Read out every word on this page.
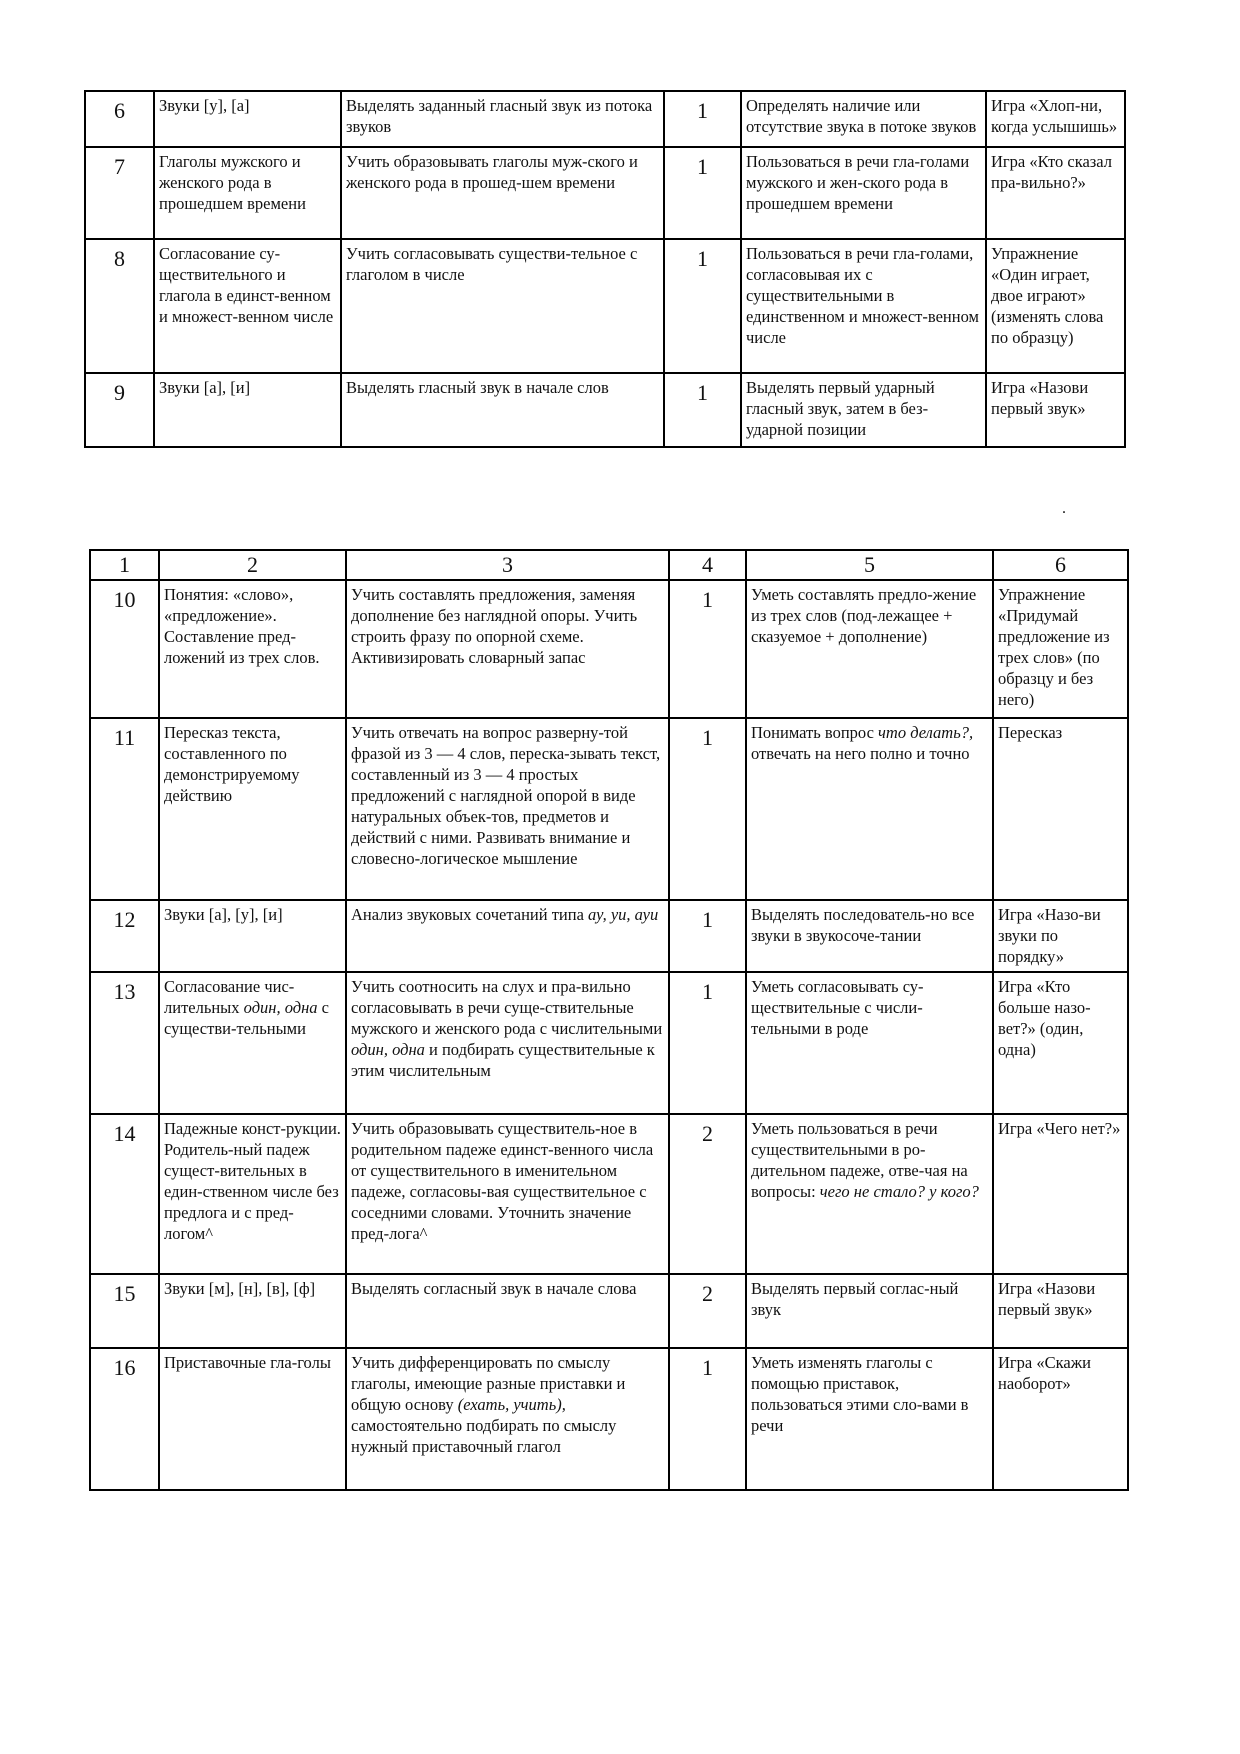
6	Звуки [у], [а]	Выделять заданный гласный звук из потока звуков	1	Определять наличие или отсутствие звука в потоке звуков	Игра «Хлоп-ни, когда услышишь»
7	Глаголы мужского и женского рода в прошедшем времени	Учить образовывать глаголы муж-ского и женского рода в прошед-шем времени	1	Пользоваться в речи гла-голами мужского и жен-ского рода в прошедшем времени	Игра «Кто сказал пра-вильно?»
8	Согласование су-ществительного и глагола в единст-венном и множест-венном числе	Учить согласовывать существи-тельное с глаголом в числе	1	Пользоваться в речи гла-голами, согласовывая их с существительными в единственном и множест-венном числе	Упражнение «Один играет, двое играют» (изменять слова по образцу)
9	Звуки [а], [и]	Выделять гласный звук в начале слов	1	Выделять первый ударный гласный звук, затем в без-ударной позиции	Игра «Назови первый звук»
.
1	2	3	4	5	6
10	Понятия: «слово», «предложение». Составление пред-ложений из трех слов.	Учить составлять предложения, заменяя дополнение без наглядной опоры. Учить строить фразу по опорной схеме. Активизировать словарный запас	1	Уметь составлять предло-жение из трех слов (под-лежащее + сказуемое + дополнение)	Упражнение «Придумай предложение из трех слов» (по образцу и без него)
11	Пересказ текста, составленного по демонстрируемому действию	Учить отвечать на вопрос разверну-той фразой из 3 — 4 слов, переска-зывать текст, составленный из 3 — 4 простых предложений с наглядной опорой в виде натуральных объек-тов, предметов и действий с ними. Развивать внимание и словесно-логическое мышление	1	Понимать вопрос что делать?, отвечать на него полно и точно	Пересказ
12	Звуки [а], [у], [и]	Анализ звуковых сочетаний типа ау, уи, ауи	1	Выделять последователь-но все звуки в звукосоче-тании	Игра «Назо-ви звуки по порядку»
13	Согласование чис-лительных один, одна с существи-тельными	Учить соотносить на слух и пра-вильно согласовывать в речи суще-ствительные мужского и женского рода с числительными один, одна и подбирать существительные к этим числительным	1	Уметь согласовывать су-ществительные с числи-тельными в роде	Игра «Кто больше назо-вет?» (один, одна)
14	Падежные конст-рукции. Родитель-ный падеж сущест-вительных в един-ственном числе без предлога и с пред-логом^	Учить образовывать существитель-ное в родительном падеже единст-венного числа от существительного в именительном падеже, согласовы-вая существительное с соседними словами. Уточнить значение пред-лога^	2	Уметь пользоваться в речи существительными в ро-дительном падеже, отве-чая на вопросы: чего не стало? у кого?	Игра «Чего нет?»
15	Звуки [м], [н], [в], [ф]	Выделять согласный звук в начале слова	2	Выделять первый соглас-ный звук	Игра «Назови первый звук»
16	Приставочные гла-голы	Учить дифференцировать по смыслу глаголы, имеющие разные приставки и общую основу (ехать, учить), самостоятельно подбирать по смыслу нужный приставочный глагол	1	Уметь изменять глаголы с помощью приставок, пользоваться этими сло-вами в речи	Игра «Скажи наоборот»
